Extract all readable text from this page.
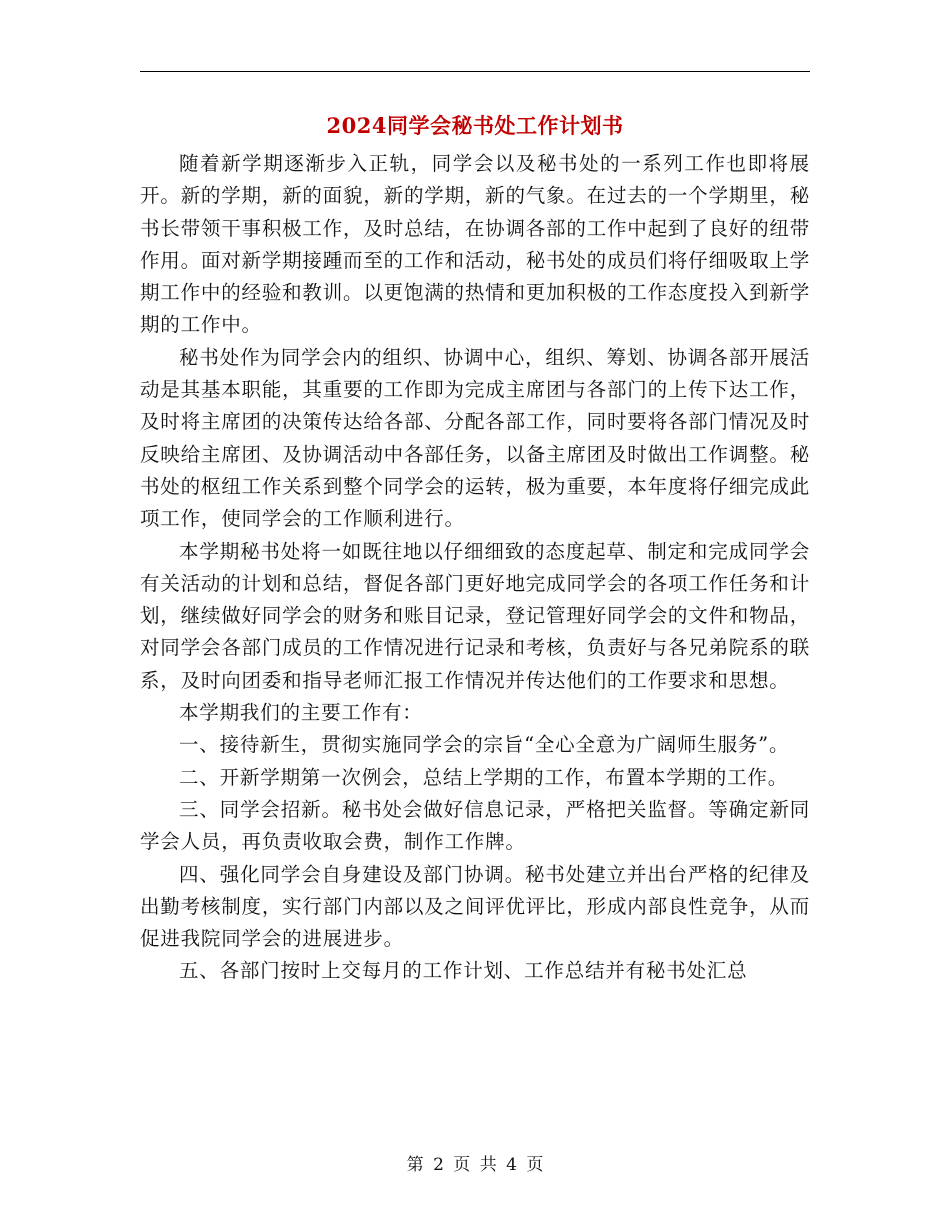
2024同学会秘书处工作计划书

随着新学期逐渐步入正轨，同学会以及秘书处的一系列工作也即将展开。新的学期，新的面貌，新的学期，新的气象。在过去的一个学期里，秘书长带领干事积极工作，及时总结，在协调各部的工作中起到了良好的纽带作用。面对新学期接踵而至的工作和活动，秘书处的成员们将仔细吸取上学期工作中的经验和教训。以更饱满的热情和更加积极的工作态度投入到新学期的工作中。

秘书处作为同学会内的组织、协调中心，组织、筹划、协调各部开展活动是其基本职能，其重要的工作即为完成主席团与各部门的上传下达工作，及时将主席团的决策传达给各部、分配各部工作，同时要将各部门情况及时反映给主席团、及协调活动中各部任务，以备主席团及时做出工作调整。秘书处的枢纽工作关系到整个同学会的运转，极为重要，本年度将仔细完成此项工作，使同学会的工作顺利进行。

本学期秘书处将一如既往地以仔细细致的态度起草、制定和完成同学会有关活动的计划和总结，督促各部门更好地完成同学会的各项工作任务和计划，继续做好同学会的财务和账目记录，登记管理好同学会的文件和物品，对同学会各部门成员的工作情况进行记录和考核，负责好与各兄弟院系的联系，及时向团委和指导老师汇报工作情况并传达他们的工作要求和思想。

本学期我们的主要工作有：

一、接待新生，贯彻实施同学会的宗旨“全心全意为广阔师生服务”。

二、开新学期第一次例会，总结上学期的工作，布置本学期的工作。

三、同学会招新。秘书处会做好信息记录，严格把关监督。等确定新同学会人员，再负责收取会费，制作工作牌。

四、强化同学会自身建设及部门协调。秘书处建立并出台严格的纪律及出勤考核制度，实行部门内部以及之间评优评比，形成内部良性竞争，从而促进我院同学会的进展进步。

五、各部门按时上交每月的工作计划、工作总结并有秘书处汇总

第 2 页 共 4 页
